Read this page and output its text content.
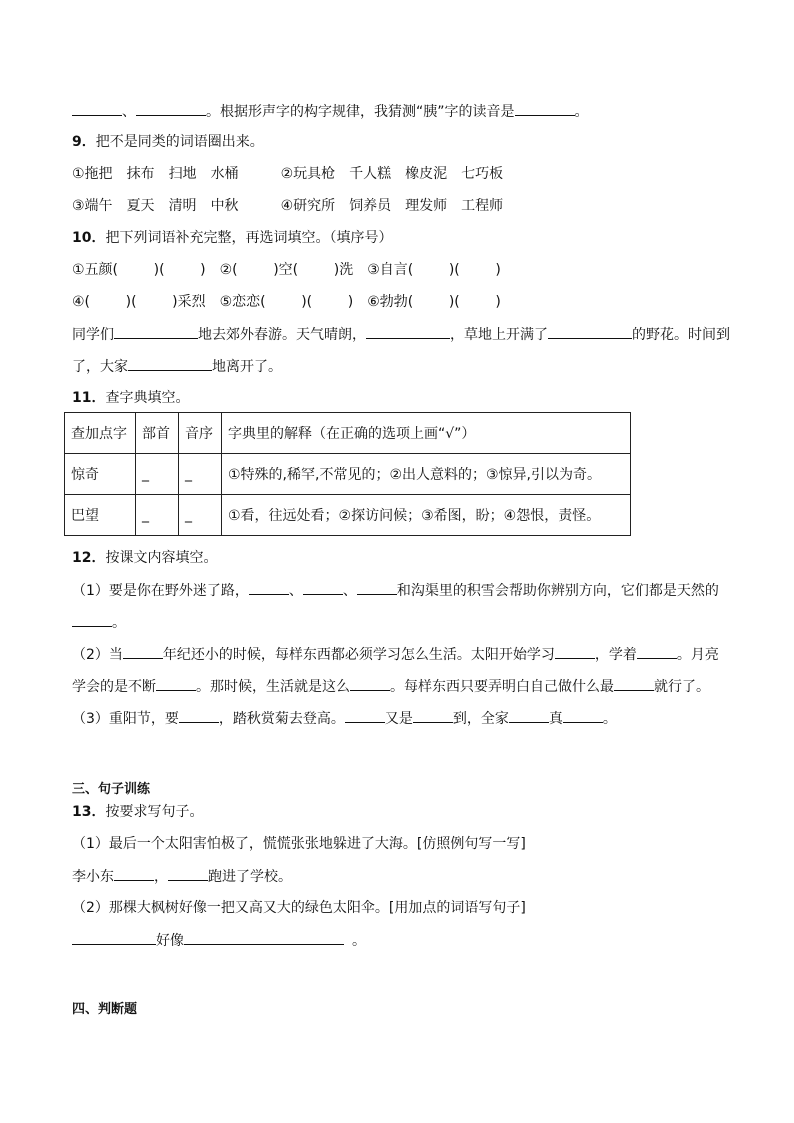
、	。根据形声字的构字规律，我猜测“胰”字的读音是	。
9．把不是同类的词语圈出来。
①拖把 抹布 扫地 水桶	②玩具枪 千人糕 橡皮泥 七巧板
③端午 夏天 清明 中秋	④研究所 饲养员 理发师 工程师
10．把下列词语补充完整，再选词填空。（填序号）
①五颜(        )(        ) ②(        )空(        )洗 ③自言(        )(        )
④(        )(        )采烈 ⑤恋恋(        )(        ) ⑥勃勃(        )(        )
同学们	地去郊外春游。天气晴朗，	，草地上开满了	的野花。时间到
了，大家	地离开了。
11．查字典填空。
查加点字	部首	音序	字典里的解释（在正确的选项上画“√”）
惊奇	_	_	①特殊的,稀罕,不常见的；②出人意料的；③惊异,引以为奇。
巴望	_	_	①看，往远处看；②探访问候；③希图，盼；④怨恨，责怪。
12．按课文内容填空。
（1）要是你在野外迷了路，	、	、	和沟渠里的积雪会帮助你辨别方向，它们都是天然的
。
（2）当	年纪还小的时候，每样东西都必须学习怎么生活。太阳开始学习	，学着	。月亮
学会的是不断	。那时候，生活就是这么	。每样东西只要弄明白自己做什么最	就行了。
（3）重阳节，要	，踏秋赏菊去登高。	又是	到，全家	真	。
三、句子训练
13．按要求写句子。
（1）最后一个太阳害怕极了，慌慌张张地躲进了大海。[仿照例句写一写]
李小东	，	跑进了学校。
（2）那棵大枫树好像一把又高又大的绿色太阳伞。[用加点的词语写句子]
好像	。
四、判断题
